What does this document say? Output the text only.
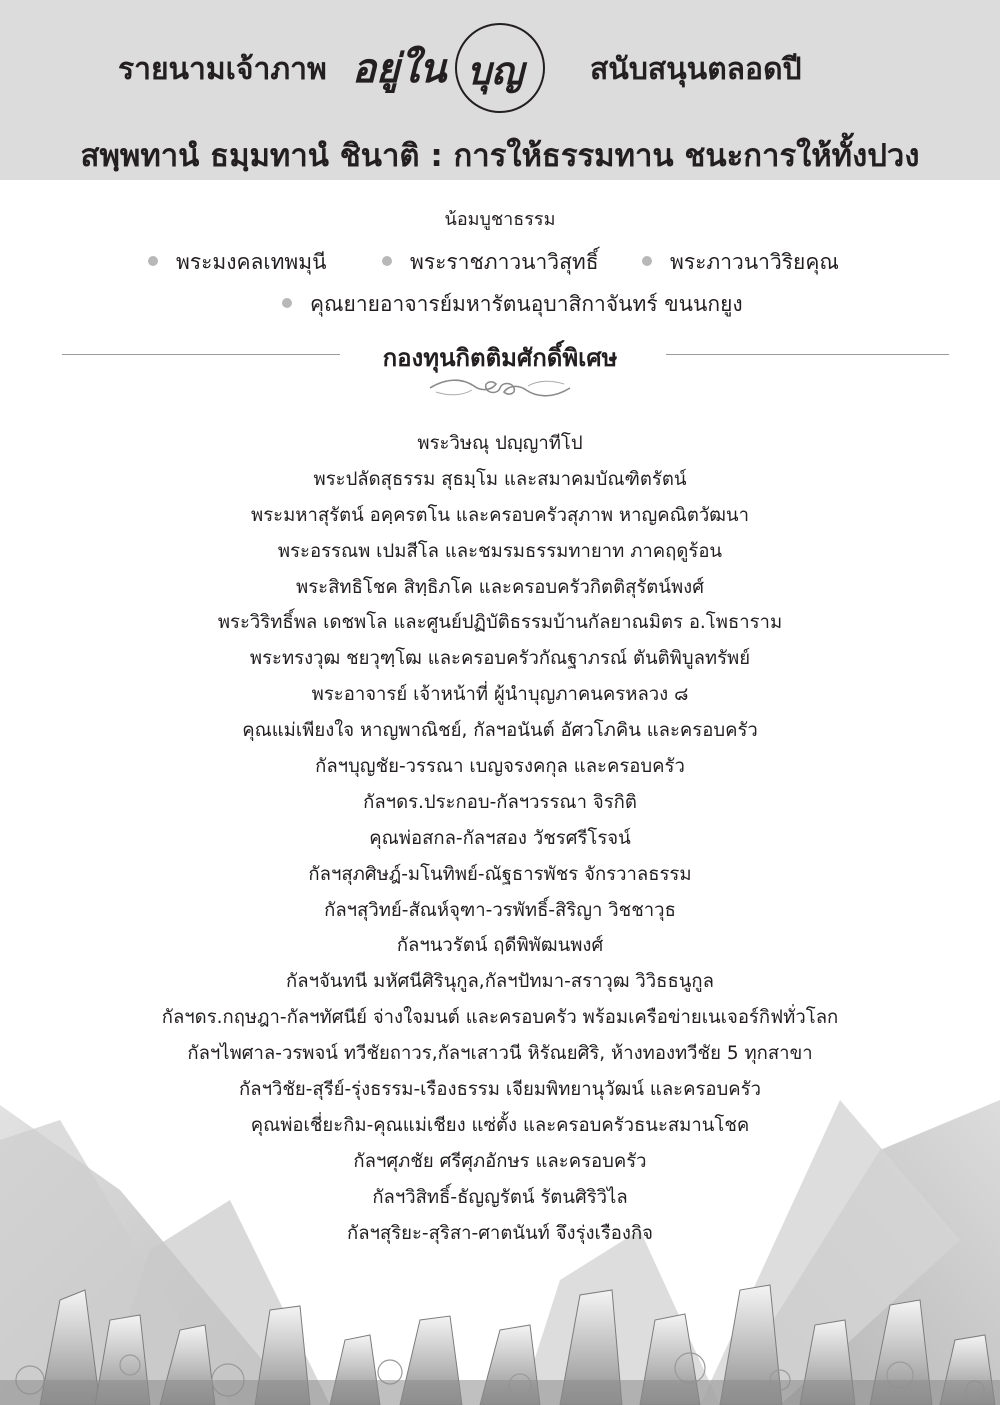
รายนามเจ้าภาพ อยู่ใน บุญ สนับสนุนตลอดปี
สพฺพทานํ ธมฺมทานํ ชินาติ : การให้ธรรมทาน ชนะการให้ทั้งปวง
น้อมบูชาธรรม
พระมงคลเทพมุนี	พระราชภาวนาวิสุทธิ์	พระภาวนาวิริยคุณ
คุณยายอาจารย์มหารัตนอุบาสิกาจันทร์ ขนนกยูง
กองทุนกิตติมศักดิ์พิเศษ
พระวิษณุ ปญฺญาทีโป
พระปลัดสุธรรม สุธมฺโม และสมาคมบัณฑิตรัตน์
พระมหาสุรัตน์ อคฺครตโน และครอบครัวสุภาพ หาญคณิตวัฒนา
พระอรรณพ เปมสีโล และชมรมธรรมทายาท ภาคฤดูร้อน
พระสิทธิโชค สิทฺธิภโค และครอบครัวกิตติสุรัตน์พงศ์
พระวิริทธิ์พล เดชพโล และศูนย์ปฏิบัติธรรมบ้านกัลยาณมิตร อ.โพธาราม
พระทรงวุฒ ชยวุฑฺโฒ และครอบครัวกัณฐาภรณ์ ตันติพิบูลทรัพย์
พระอาจารย์ เจ้าหน้าที่ ผู้นำบุญภาคนครหลวง ๘
คุณแม่เพียงใจ หาญพาณิชย์, กัลฯอนันต์ อัศวโภคิน และครอบครัว
กัลฯบุญชัย-วรรณา เบญจรงคกุล และครอบครัว
กัลฯดร.ประกอบ-กัลฯวรรณา จิรกิติ
คุณพ่อสกล-กัลฯสอง วัชรศรีโรจน์
กัลฯสุภศิษฎ์-มโนทิพย์-ณัฐธารพัชร จักรวาลธรรม
กัลฯสุวิทย์-สัณห์จุฑา-วรพัทธิ์-สิริญา วิชชาวุธ
กัลฯนวรัตน์ ฤดีพิพัฒนพงศ์
กัลฯจันทนี มหัศนีศิรินุกูล,กัลฯปัทมา-สราวุฒ วิวิธธนูกูล
กัลฯดร.กฤษฎา-กัลฯทัศนีย์ จ่างใจมนต์ และครอบครัว พร้อมเครือข่ายเนเจอร์กิฟทั่วโลก
กัลฯไพศาล-วรพจน์ ทวีชัยถาวร,กัลฯเสาวนี หิรัณยศิริ, ห้างทองทวีชัย 5 ทุกสาขา
กัลฯวิชัย-สุรีย์-รุ่งธรรม-เรืองธรรม เจียมพิทยานุวัฒน์ และครอบครัว
คุณพ่อเชี่ยะกิม-คุณแม่เชียง แซ่ตั้ง และครอบครัวธนะสมานโชค
กัลฯศุภชัย ศรีศุภอักษร และครอบครัว
กัลฯวิสิทธิ์-ธัญญรัตน์ รัตนศิริวิไล
กัลฯสุริยะ-สุริสา-ศาตนันท์ จึงรุ่งเรืองกิจ
